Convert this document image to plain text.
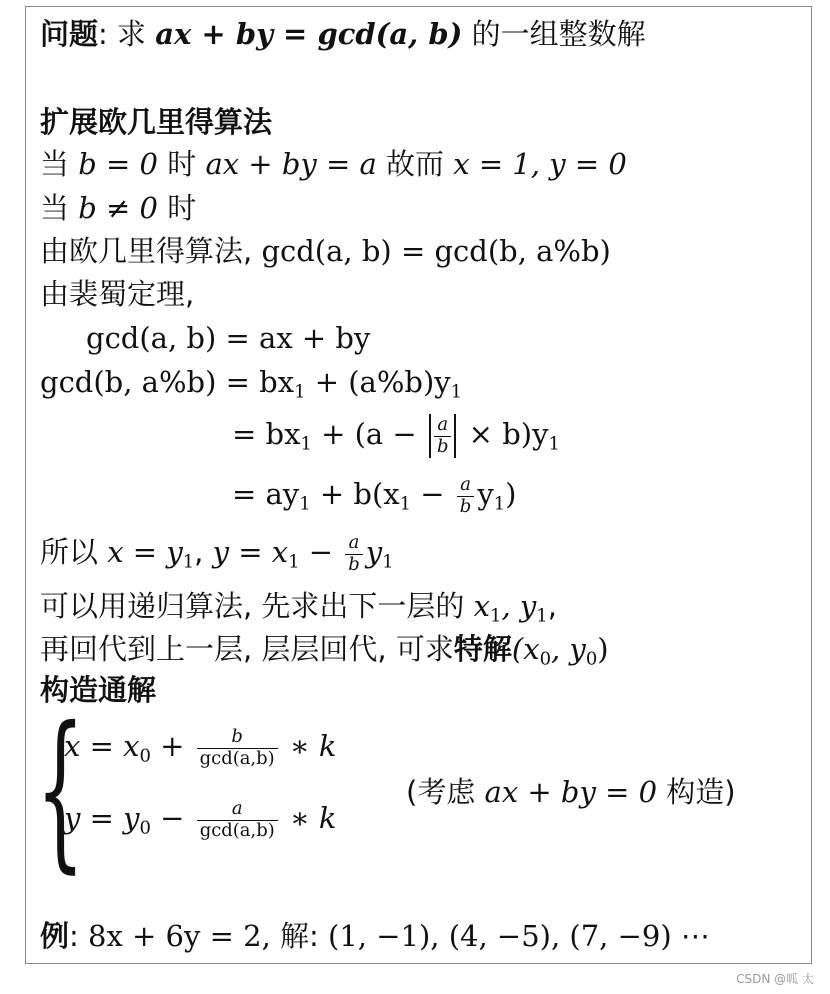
问题: 求 ax + by = gcd(a, b) 的一组整数解
扩展欧几里得算法
当 b = 0 时 ax + by = a 故而 x = 1, y = 0
当 b ≠ 0 时
由欧几里得算法, gcd(a, b) = gcd(b, a%b)
由裴蜀定理,
gcd(a, b) = ax + by
gcd(b, $a\%b) = bx_1 + (a\%b)y_1$
= $bx_1 + (a - \frac{a}{b} \times b)y_1$
= $ay_1 + b(x_1 - \frac{a}{b} y_1)$
所以 $x = y_1$, $y = x_1 - \frac{a}{b} y_1$
可以用递归算法, 先求出下一层的 $x_1$, $y_1$,
再回代到上一层, 层层回代, 可求特解($x_0$, $y_0$)
构造通解
{
$x = x_0 + \frac{b}{\gcd(a,b)}$ ∗ k
$y = y_0 - \frac{a}{\gcd(a,b)}$ ∗ k
(考虑 ax + by = 0 构造)
例: 8x + 6y = 2, 解: (1, −1), (4, −5), (7, −9) ⋯
CSDN @呱 太
